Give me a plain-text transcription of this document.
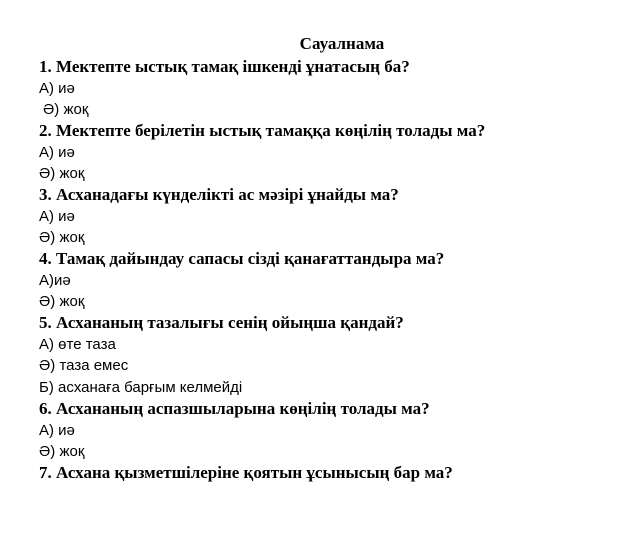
Сауалнама
1. Мектепте ыстық тамақ ішкенді ұнатасың ба?
А) иә
Ә) жоқ
2. Мектепте берілетін ыстық тамаққа көңілің толады ма?
А) иә
Ә) жоқ
3. Асханадағы күнделікті ас мәзірі ұнайды ма?
А) иә
Ә) жоқ
4. Тамақ дайындау сапасы сізді қанағаттандыра ма?
А)иә
Ә) жоқ
5. Асхананың тазалығы сенің ойыңша қандай?
А) өте таза
Ә) таза емес
Б) асханаға барғым келмейді
6. Асхананың аспазшыларына көңілің толады ма?
А) иә
Ә) жоқ
7. Асхана қызметшілеріне қоятын ұсынысың бар ма?
